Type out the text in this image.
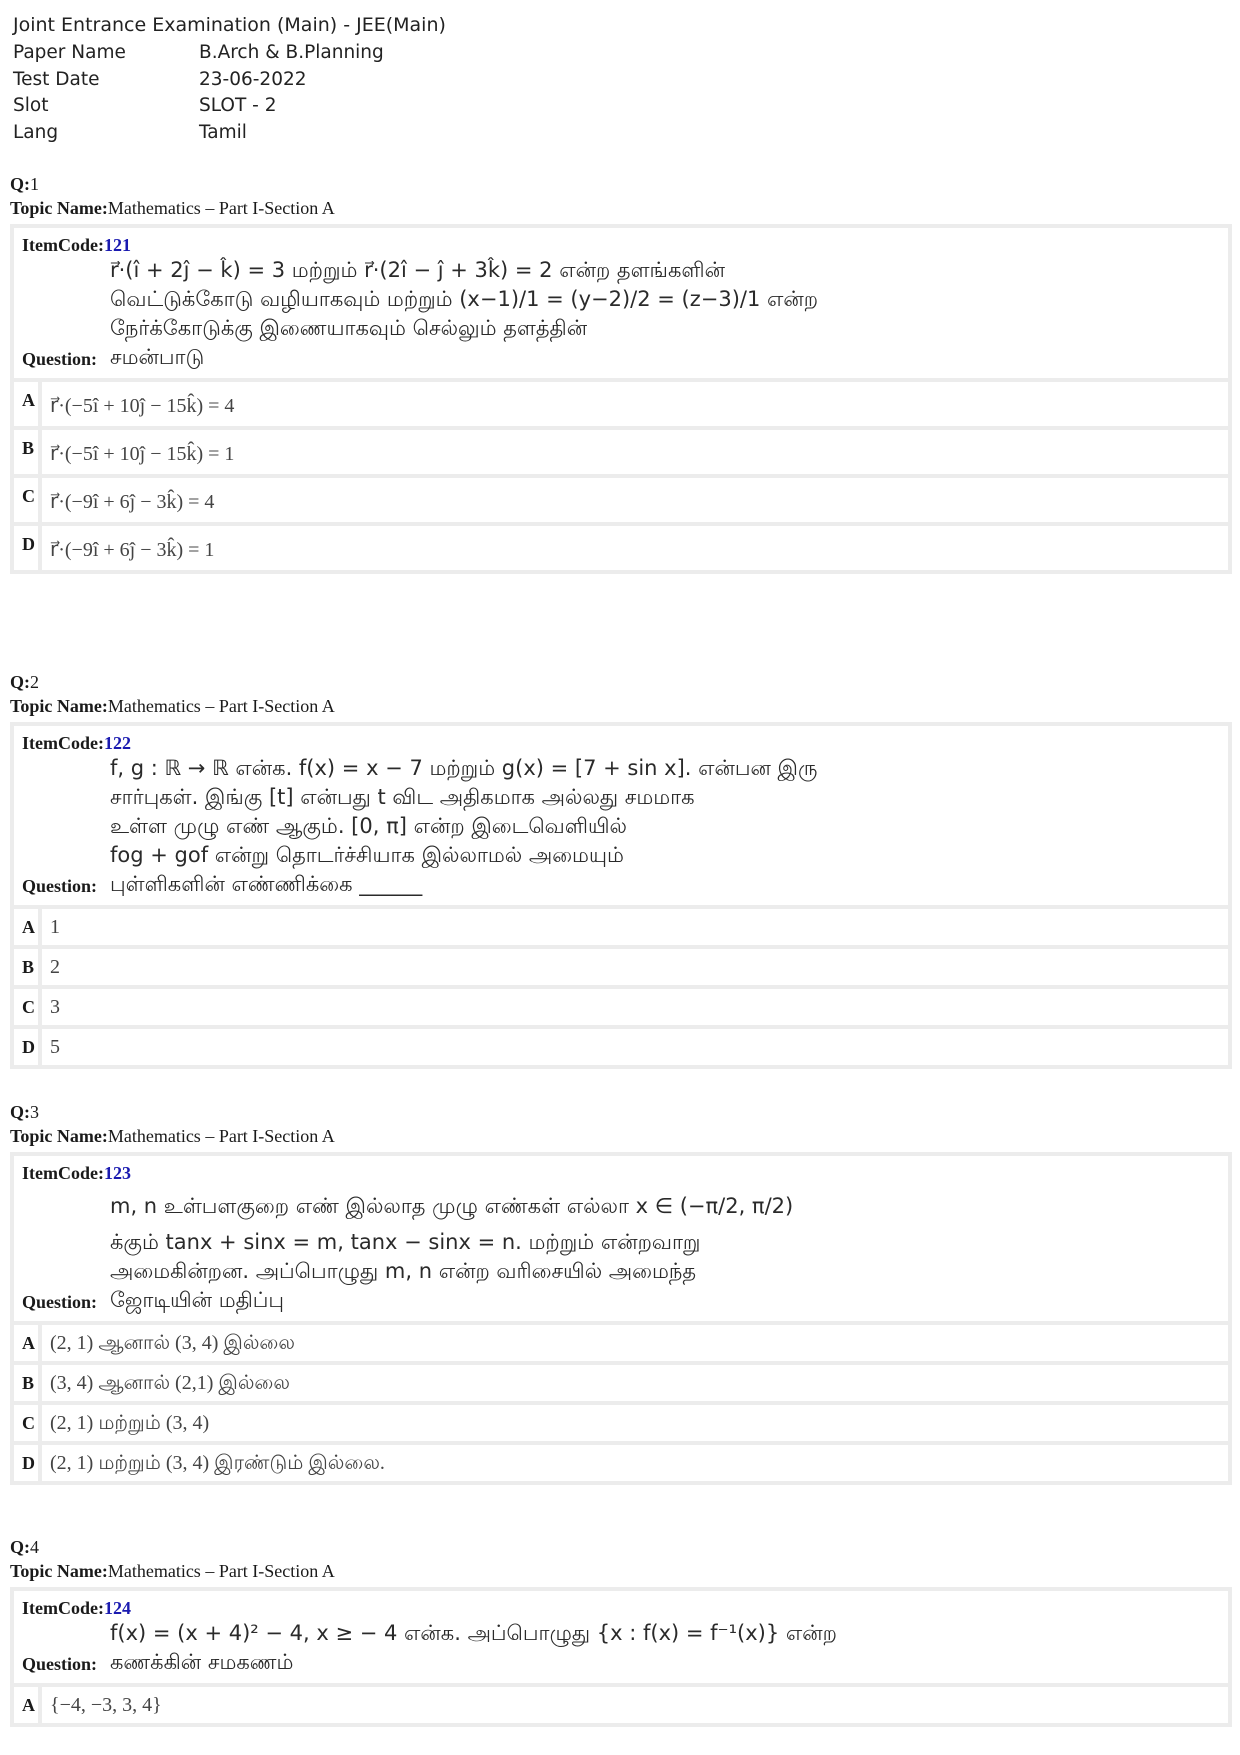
Joint Entrance Examination (Main) - JEE(Main)
Paper Name	B.Arch & B.Planning
Test Date	23-06-2022
Slot	SLOT - 2
Lang	Tamil
Q:1
Topic Name:Mathematics – Part I-Section A
ItemCode:121
Question:
r⃗·(î + 2ĵ − k̂) = 3 மற்றும் r⃗·(2î − ĵ + 3k̂) = 2 என்ற தளங்களின்
வெட்டுக்கோடு வழியாகவும் மற்றும் (x−1)/1 = (y−2)/2 = (z−3)/1 என்ற
நேர்க்கோடுக்கு இணையாகவும் செல்லும் தளத்தின்
சமன்பாடு
A r⃗·(−5î + 10ĵ − 15k̂) = 4
B r⃗·(−5î + 10ĵ − 15k̂) = 1
C r⃗·(−9î + 6ĵ − 3k̂) = 4
D r⃗·(−9î + 6ĵ − 3k̂) = 1
Q:2
Topic Name:Mathematics – Part I-Section A
ItemCode:122
Question:
f, g : ℝ → ℝ என்க. f(x) = x − 7 மற்றும் g(x) = [7 + sin x]. என்பன இரு
சார்புகள். இங்கு [t] என்பது t விட அதிகமாக அல்லது சமமாக
உள்ள முழு எண் ஆகும். [0, π] என்ற இடைவெளியில்
fog + gof என்று தொடர்ச்சியாக இல்லாமல் அமையும்
புள்ளிகளின் எண்ணிக்கை ______
A 1
B 2
C 3
D 5
Q:3
Topic Name:Mathematics – Part I-Section A
ItemCode:123
Question:
m, n உள்பளகுறை எண் இல்லாத முழு எண்கள் எல்லா x ∈ (−π/2, π/2)
க்கும் tanx + sinx = m, tanx − sinx = n. மற்றும் என்றவாறு
அமைகின்றன. அப்பொழுது m, n என்ற வரிசையில் அமைந்த
ஜோடியின் மதிப்பு
A (2, 1) ஆனால் (3, 4) இல்லை
B (3, 4) ஆனால் (2,1) இல்லை
C (2, 1) மற்றும் (3, 4)
D (2, 1) மற்றும் (3, 4) இரண்டும் இல்லை.
Q:4
Topic Name:Mathematics – Part I-Section A
ItemCode:124
Question:
f(x) = (x + 4)² − 4, x ≥ − 4 என்க. அப்பொழுது {x : f(x) = f⁻¹(x)} என்ற
கணக்கின் சமகணம்
A {−4, −3, 3, 4}
